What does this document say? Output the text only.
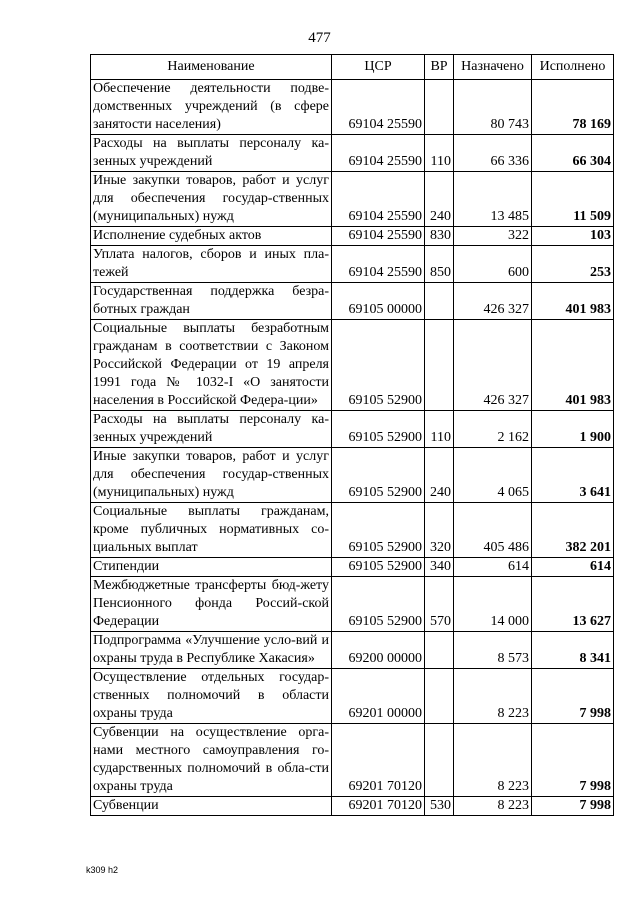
477
Наименование	ЦСР	ВР	Назначено	Исполнено
Обеспечение деятельности подве-домственных учреждений (в сфере занятости населения)	69104 25590		80 743	78 169
Расходы на выплаты персоналу ка-зенных учреждений	69104 25590	110	66 336	66 304
Иные закупки товаров, работ и услуг для обеспечения государ-ственных (муниципальных) нужд	69104 25590	240	13 485	11 509
Исполнение судебных актов	69104 25590	830	322	103
Уплата налогов, сборов и иных пла-тежей	69104 25590	850	600	253
Государственная поддержка безра-ботных граждан	69105 00000		426 327	401 983
Социальные выплаты безработным гражданам в соответствии с Законом Российской Федерации от 19 апреля 1991 года № 1032-I «О занятости населения в Российской Федера-ции»	69105 52900		426 327	401 983
Расходы на выплаты персоналу ка-зенных учреждений	69105 52900	110	2 162	1 900
Иные закупки товаров, работ и услуг для обеспечения государ-ственных (муниципальных) нужд	69105 52900	240	4 065	3 641
Социальные выплаты гражданам, кроме публичных нормативных со-циальных выплат	69105 52900	320	405 486	382 201
Стипендии	69105 52900	340	614	614
Межбюджетные трансферты бюд-жету Пенсионного фонда Россий-ской Федерации	69105 52900	570	14 000	13 627
Подпрограмма «Улучшение усло-вий и охраны труда в Республике Хакасия»	69200 00000		8 573	8 341
Осуществление отдельных государ-ственных полномочий в области охраны труда	69201 00000		8 223	7 998
Субвенции на осуществление орга-нами местного самоуправления го-сударственных полномочий в обла-сти охраны труда	69201 70120		8 223	7 998
Субвенции	69201 70120	530	8 223	7 998
k309 h2
